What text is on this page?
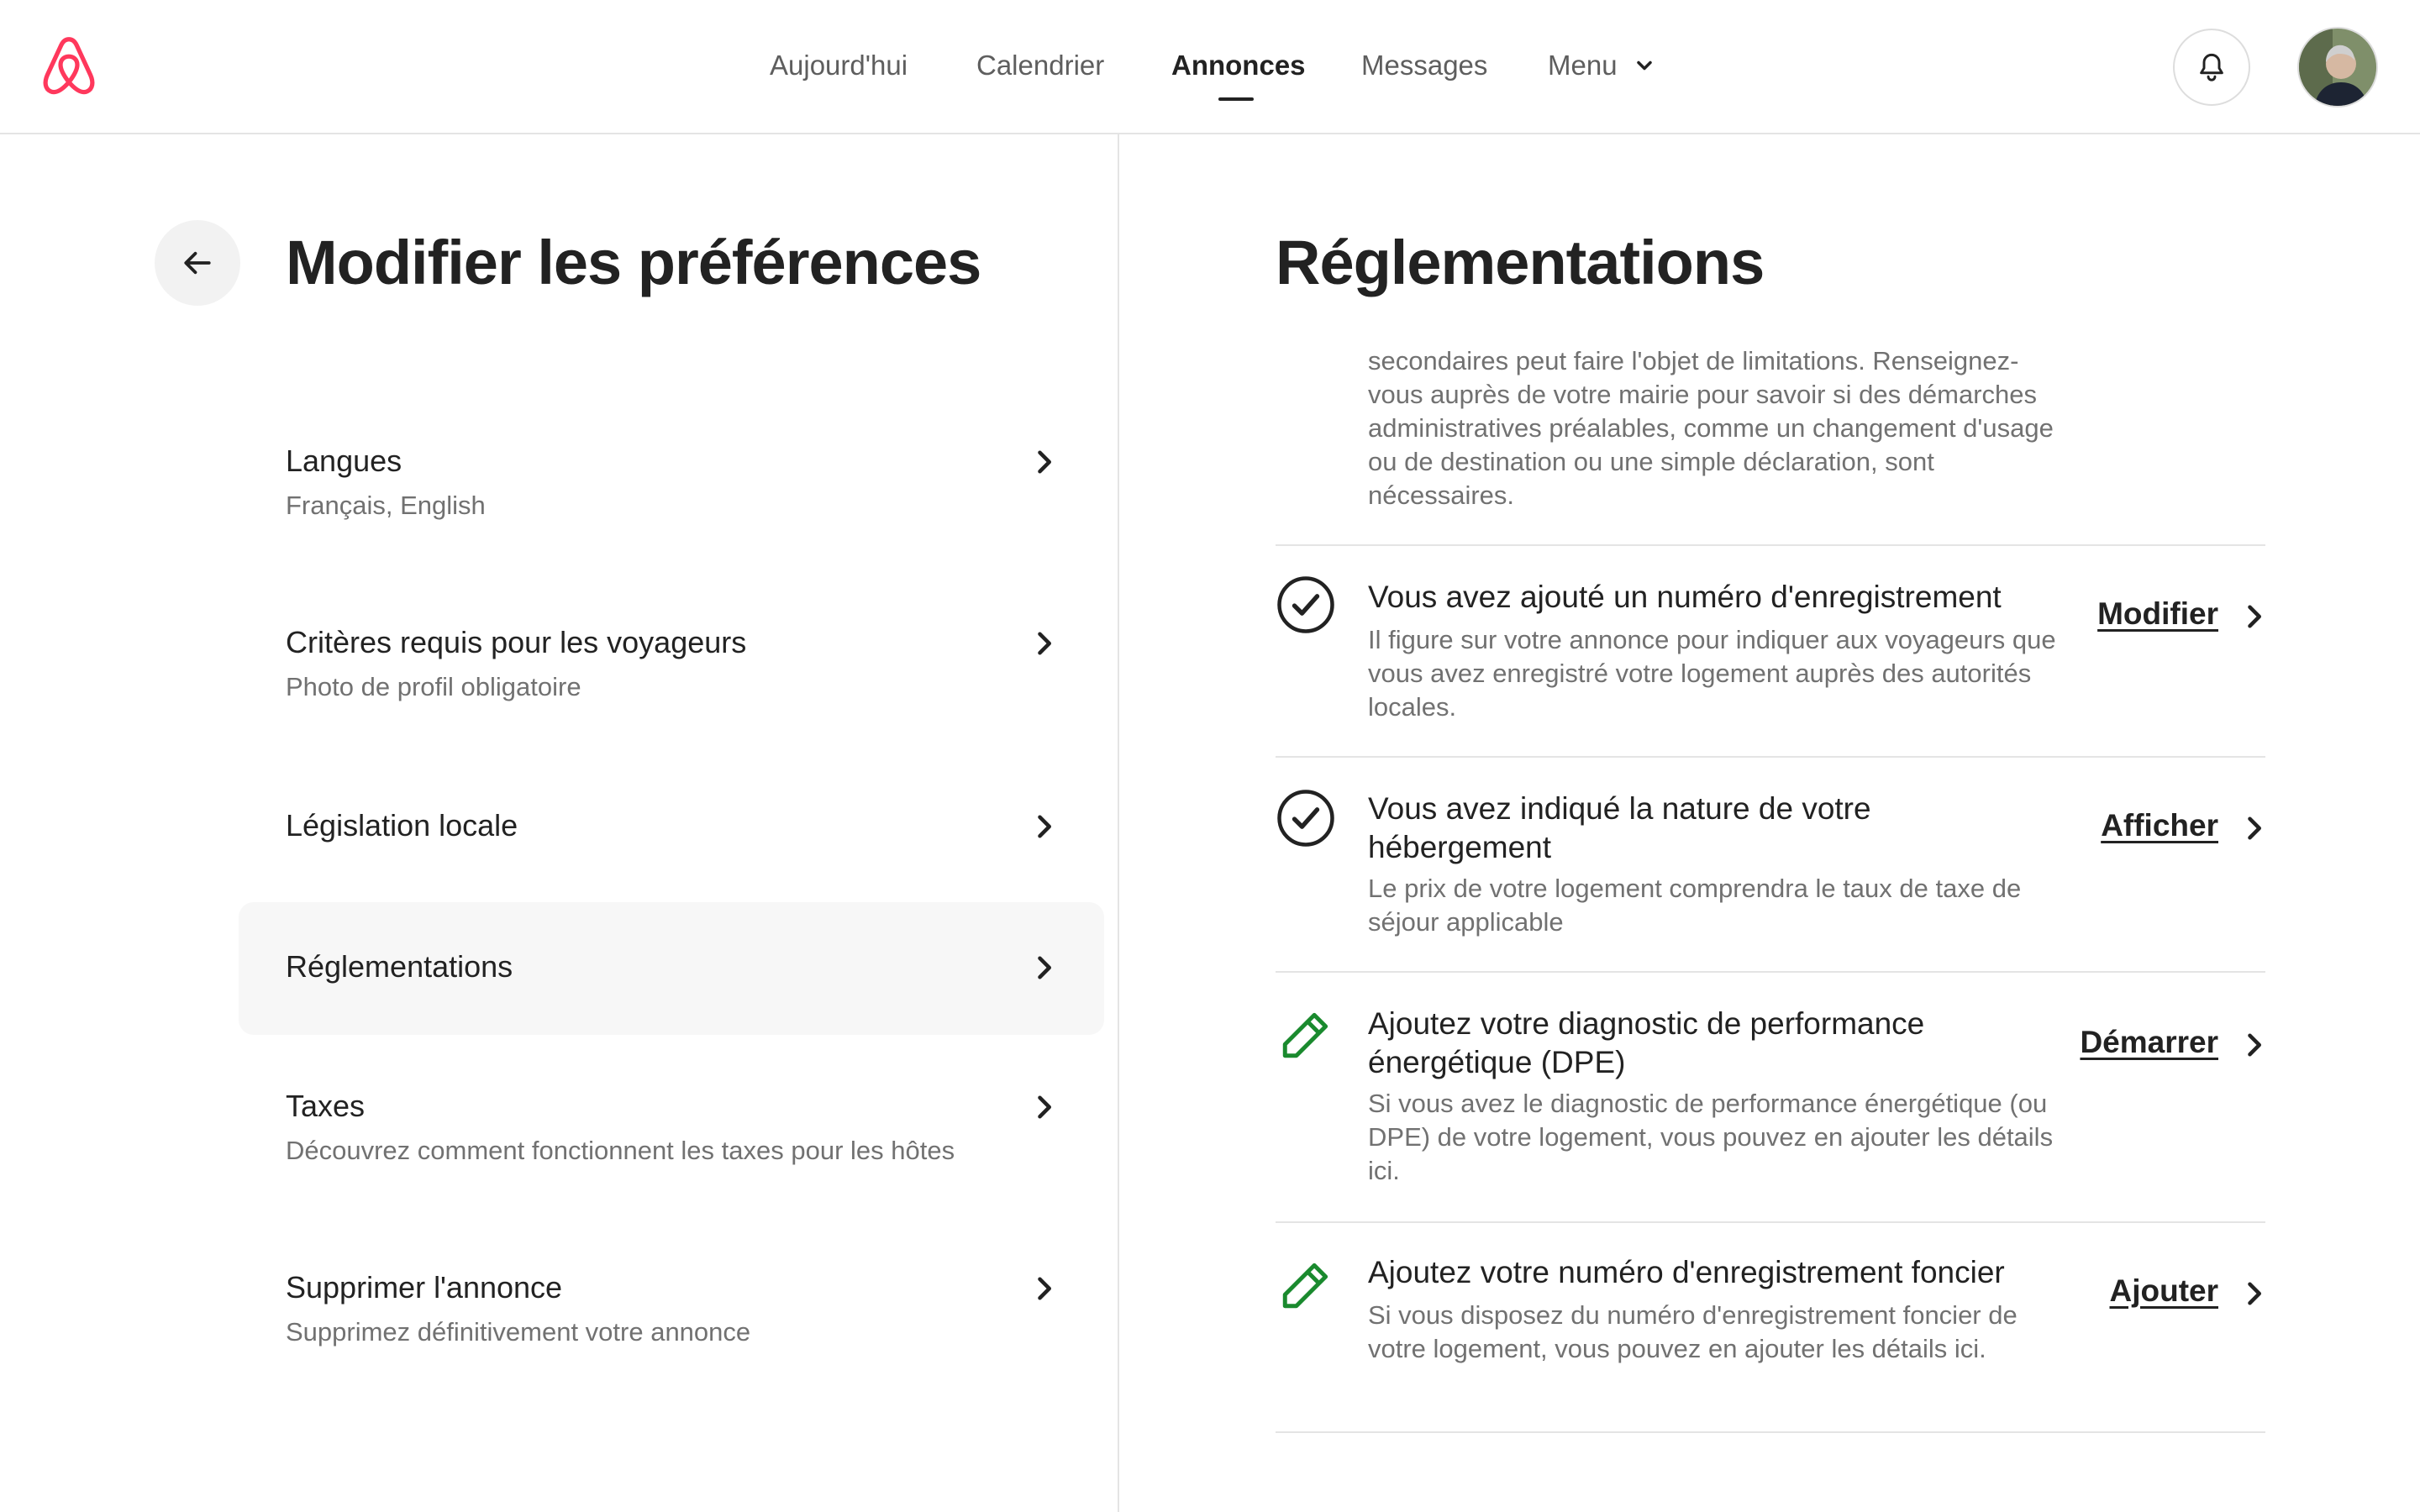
Aujourd'hui Calendrier Annonces Messages Menu
Modifier les préférences
Langues
Français, English
Critères requis pour les voyageurs
Photo de profil obligatoire
Législation locale
Réglementations
Taxes
Découvrez comment fonctionnent les taxes pour les hôtes
Supprimer l'annonce
Supprimez définitivement votre annonce
Réglementations
secondaires peut faire l'objet de limitations. Renseignez-vous auprès de votre mairie pour savoir si des démarches administratives préalables, comme un changement d'usage ou de destination ou une simple déclaration, sont nécessaires.
Vous avez ajouté un numéro d'enregistrement
Il figure sur votre annonce pour indiquer aux voyageurs que vous avez enregistré votre logement auprès des autorités locales.
Modifier
Vous avez indiqué la nature de votre hébergement
Le prix de votre logement comprendra le taux de taxe de séjour applicable
Afficher
Ajoutez votre diagnostic de performance énergétique (DPE)
Si vous avez le diagnostic de performance énergétique (ou DPE) de votre logement, vous pouvez en ajouter les détails ici.
Démarrer
Ajoutez votre numéro d'enregistrement foncier
Si vous disposez du numéro d'enregistrement foncier de votre logement, vous pouvez en ajouter les détails ici.
Ajouter
